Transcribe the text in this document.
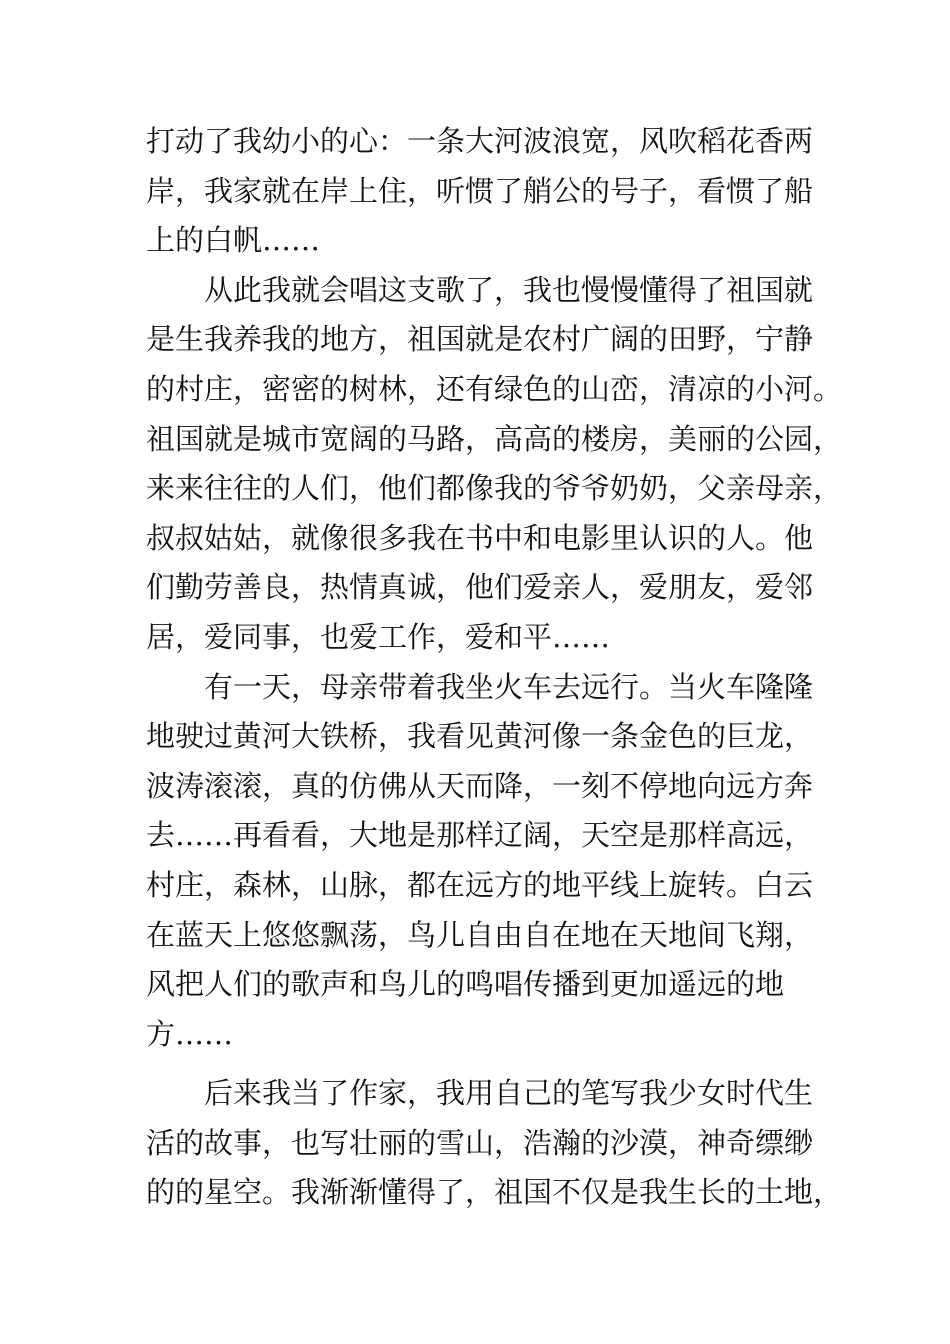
打动了我幼小的心：一条大河波浪宽，风吹稻花香两
岸，我家就在岸上住，听惯了艄公的号子，看惯了船
上的白帆……
从此我就会唱这支歌了，我也慢慢懂得了祖国就
是生我养我的地方，祖国就是农村广阔的田野，宁静
的村庄，密密的树林，还有绿色的山峦，清凉的小河。
祖国就是城市宽阔的马路，高高的楼房，美丽的公园，
来来往往的人们，他们都像我的爷爷奶奶，父亲母亲，
叔叔姑姑，就像很多我在书中和电影里认识的人。他
们勤劳善良，热情真诚，他们爱亲人，爱朋友，爱邻
居，爱同事，也爱工作，爱和平……
有一天，母亲带着我坐火车去远行。当火车隆隆
地驶过黄河大铁桥，我看见黄河像一条金色的巨龙，
波涛滚滚，真的仿佛从天而降，一刻不停地向远方奔
去……再看看，大地是那样辽阔，天空是那样高远，
村庄，森林，山脉，都在远方的地平线上旋转。白云
在蓝天上悠悠飘荡，鸟儿自由自在地在天地间飞翔，
风把人们的歌声和鸟儿的鸣唱传播到更加遥远的地
方……
后来我当了作家，我用自己的笔写我少女时代生
活的故事，也写壮丽的雪山，浩瀚的沙漠，神奇缥缈
的的星空。我渐渐懂得了，祖国不仅是我生长的土地，
